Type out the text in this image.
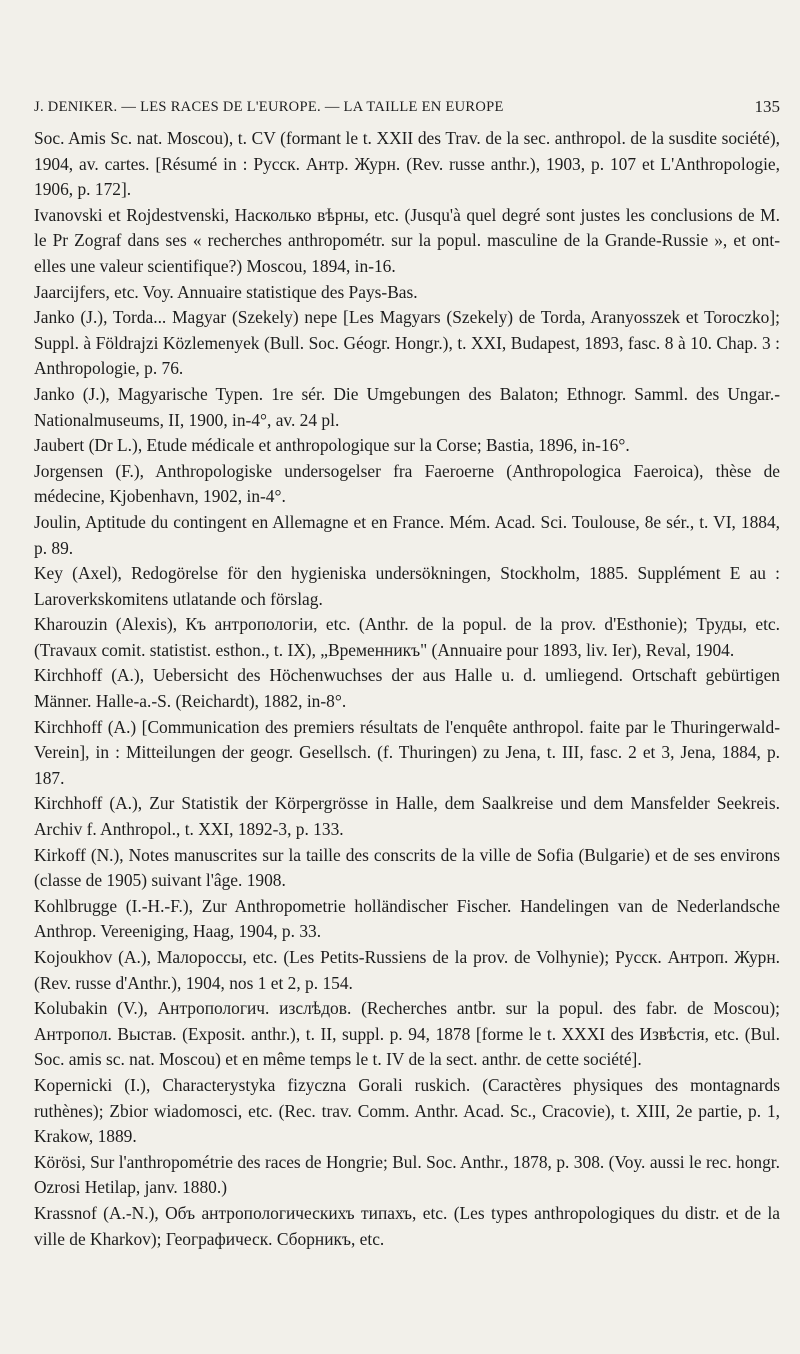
J. DENIKER. — LES RACES DE L'EUROPE. — LA TAILLE EN EUROPE	135

Soc. Amis Sc. nat. Moscou), t. CV (formant le t. XXII des Trav. de la sec. anthropol. de la susdite société), 1904, av. cartes. [Résumé in : Русск. Антр. Журн. (Rev. russe anthr.), 1903, p. 107 et L'Anthropologie, 1906, p. 172].

Ivanovski et Rojdestvenski, Насколько вѣрны, etc. (Jusqu'à quel degré sont justes les conclusions de M. le Pr Zograf dans ses « recherches anthropométr. sur la popul. masculine de la Grande-Russie », et ont-elles une valeur scientifique?) Moscou, 1894, in-16.

Jaarcijfers, etc. Voy. Annuaire statistique des Pays-Bas.

Janko (J.), Torda... Magyar (Szekely) nepe [Les Magyars (Szekely) de Torda, Aranyosszek et Toroczko]; Suppl. à Földrajzi Közlemenyek (Bull. Soc. Géogr. Hongr.), t. XXI, Budapest, 1893, fasc. 8 à 10. Chap. 3 : Anthropologie, p. 76.

Janko (J.), Magyarische Typen. 1re sér. Die Umgebungen des Balaton; Ethnogr. Samml. des Ungar.-Nationalmuseums, II, 1900, in-4°, av. 24 pl.

Jaubert (Dr L.), Etude médicale et anthropologique sur la Corse; Bastia, 1896, in-16°.

Jorgensen (F.), Anthropologiske undersogelser fra Faeroerne (Anthropologica Faeroica), thèse de médecine, Kjobenhavn, 1902, in-4°.

Joulin, Aptitude du contingent en Allemagne et en France. Mém. Acad. Sci. Toulouse, 8e sér., t. VI, 1884, p. 89.

Key (Axel), Redogörelse för den hygieniska undersökningen, Stockholm, 1885. Supplément E au : Laroverkskomitens utlatande och förslag.

Kharouzin (Alexis), Къ антропологіи, etc. (Anthr. de la popul. de la prov. d'Esthonie); Труды, etc. (Travaux comit. statistist. esthon., t. IX), „Временникъ" (Annuaire pour 1893, liv. Ier), Reval, 1904.

Kirchhoff (A.), Uebersicht des Höchenwuchses der aus Halle u. d. umliegend. Ortschaft gebürtigen Männer. Halle-a.-S. (Reichardt), 1882, in-8°.

Kirchhoff (A.) [Communication des premiers résultats de l'enquête anthropol. faite par le Thuringerwald-Verein], in : Mitteilungen der geogr. Gesellsch. (f. Thuringen) zu Jena, t. III, fasc. 2 et 3, Jena, 1884, p. 187.

Kirchhoff (A.), Zur Statistik der Körpergrösse in Halle, dem Saalkreise und dem Mansfelder Seekreis. Archiv f. Anthropol., t. XXI, 1892-3, p. 133.

Kirkoff (N.), Notes manuscrites sur la taille des conscrits de la ville de Sofia (Bulgarie) et de ses environs (classe de 1905) suivant l'âge. 1908.

Kohlbrugge (I.-H.-F.), Zur Anthropometrie holländischer Fischer. Handelingen van de Nederlandsche Anthrop. Vereeniging, Haag, 1904, p. 33.

Kojoukhov (A.), Малороссы, etc. (Les Petits-Russiens de la prov. de Volhynie); Русск. Антроп. Журн. (Rev. russe d'Anthr.), 1904, nos 1 et 2, p. 154.

Kolubakin (V.), Антропологич. изслѣдов. (Recherches antbr. sur la popul. des fabr. de Moscou); Антропол. Выстав. (Exposit. anthr.), t. II, suppl. p. 94, 1878 [forme le t. XXXI des Извѣстія, etc. (Bul. Soc. amis sc. nat. Moscou) et en même temps le t. IV de la sect. anthr. de cette société].

Kopernicki (I.), Characterystyka fizyczna Gorali ruskich. (Caractères physiques des montagnards ruthènes); Zbior wiadomosci, etc. (Rec. trav. Comm. Anthr. Acad. Sc., Cracovie), t. XIII, 2e partie, p. 1, Krakow, 1889.

Körösi, Sur l'anthropométrie des races de Hongrie; Bul. Soc. Anthr., 1878, p. 308. (Voy. aussi le rec. hongr. Ozrosi Hetilap, janv. 1880.)

Krassnof (A.-N.), Объ антропологическихъ типахъ, etc. (Les types anthropologiques du distr. et de la ville de Kharkov); Географическ. Сборникъ, etc.
